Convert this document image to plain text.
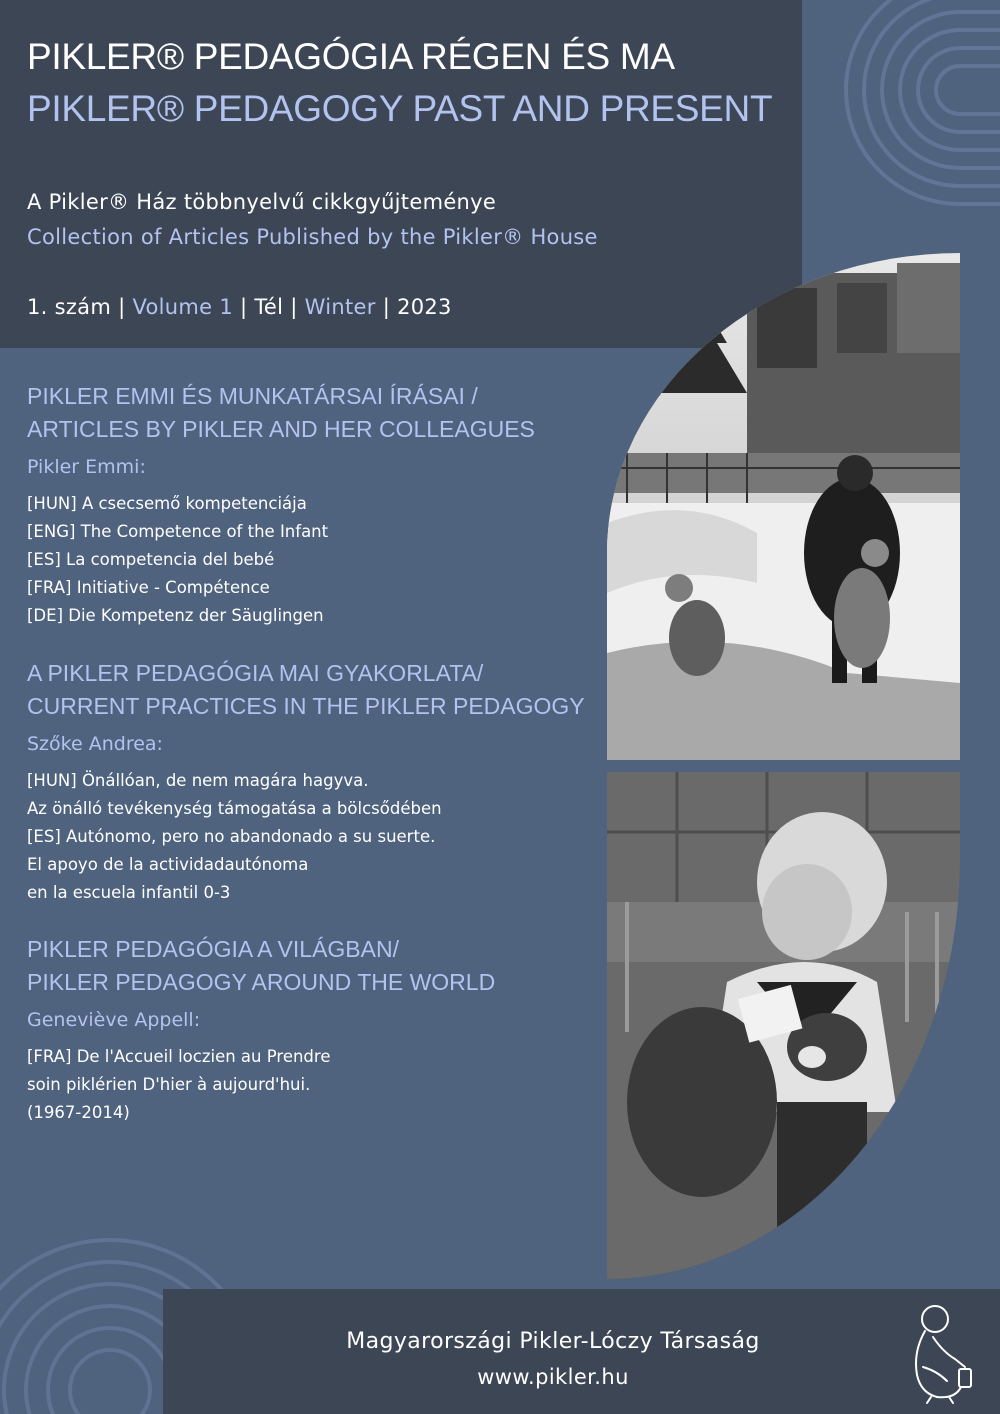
PIKLER® PEDAGÓGIA RÉGEN ÉS MA
PIKLER® PEDAGOGY PAST AND PRESENT

A Pikler® Ház többnyelvű cikkgyűjteménye

Collection of Articles Published by the Pikler® House

1. szám | Volume 1 | Tél | Winter | 2023

PIKLER EMMI ÉS MUNKATÁRSAI ÍRÁSAI /
ARTICLES BY PIKLER AND HER COLLEAGUES

Pikler Emmi:

[HUN] A csecsemő kompetenciája
[ENG] The Competence of the Infant
[ES] La competencia del bebé
[FRA] Initiative - Compétence
[DE] Die Kompetenz der Säuglingen
A PIKLER PEDAGÓGIA MAI GYAKORLATA/
CURRENT PRACTICES IN THE PIKLER PEDAGOGY

Szőke Andrea:

[HUN] Önállóan, de nem magára hagyva.
Az önálló tevékenység támogatása a bölcsődében
[ES] Autónomo, pero no abandonado a su suerte.
El apoyo de la actividadautónoma
en la escuela infantil 0-3
PIKLER PEDAGÓGIA A VILÁGBAN/
PIKLER PEDAGOGY AROUND THE WORLD

Geneviève Appell:

[FRA] De l'Accueil loczien au Prendre
soin piklérien D'hier à aujourd'hui.
(1967-2014)

Magyarországi Pikler-Lóczy Társaság

www.pikler.hu
